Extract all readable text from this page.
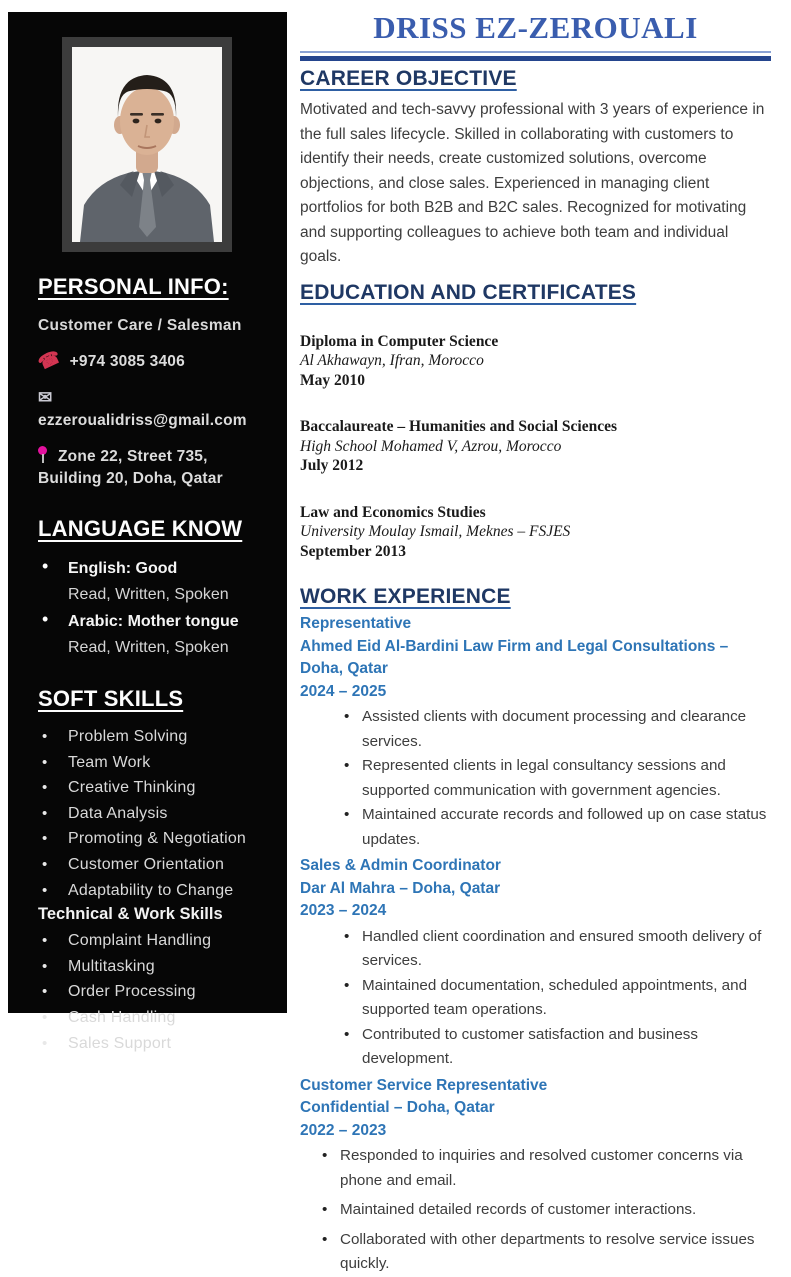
PERSONAL INFO:
Customer Care / Salesman
☎ +974 3085 3406
✉ezzeroualidriss@gmail.com
Zone 22, Street 735, Building 20, Doha, Qatar
LANGUAGE KNOW
• English: Good
Read, Written, Spoken
• Arabic: Mother tongue
Read, Written, Spoken
SOFT SKILLS
• Problem Solving
• Team Work
• Creative Thinking
• Data Analysis
• Promoting & Negotiation
• Customer Orientation
• Adaptability to Change
Technical & Work Skills
• Complaint Handling
• Multitasking
• Order Processing
• Cash Handling
• Sales Support
DRISS EZ-ZEROUALI
CAREER OBJECTIVE

Motivated and tech-savvy professional with 3 years of experience in the full sales lifecycle. Skilled in collaborating with customers to identify their needs, create customized solutions, overcome objections, and close sales. Experienced in managing client portfolios for both B2B and B2C sales. Recognized for motivating and supporting colleagues to achieve both team and individual goals.

EDUCATION AND CERTIFICATES
Diploma in Computer Science
Al Akhawayn, Ifran, Morocco
May 2010
Baccalaureate – Humanities and Social Sciences
High School Mohamed V, Azrou, Morocco
July 2012
Law and Economics Studies
University Moulay Ismail, Meknes – FSJES
September 2013
WORK EXPERIENCE
Representative
Ahmed Eid Al-Bardini Law Firm and Legal Consultations – Doha, Qatar
2024 – 2025
• Assisted clients with document processing and clearance services.
• Represented clients in legal consultancy sessions and supported communication with government agencies.
• Maintained accurate records and followed up on case status updates.
Sales & Admin Coordinator
Dar Al Mahra – Doha, Qatar
2023 – 2024
• Handled client coordination and ensured smooth delivery of services.
• Maintained documentation, scheduled appointments, and supported team operations.
• Contributed to customer satisfaction and business development.
Customer Service Representative
Confidential – Doha, Qatar
2022 – 2023
• Responded to inquiries and resolved customer concerns via phone and email.
• Maintained detailed records of customer interactions.
• Collaborated with other departments to resolve service issues quickly.
